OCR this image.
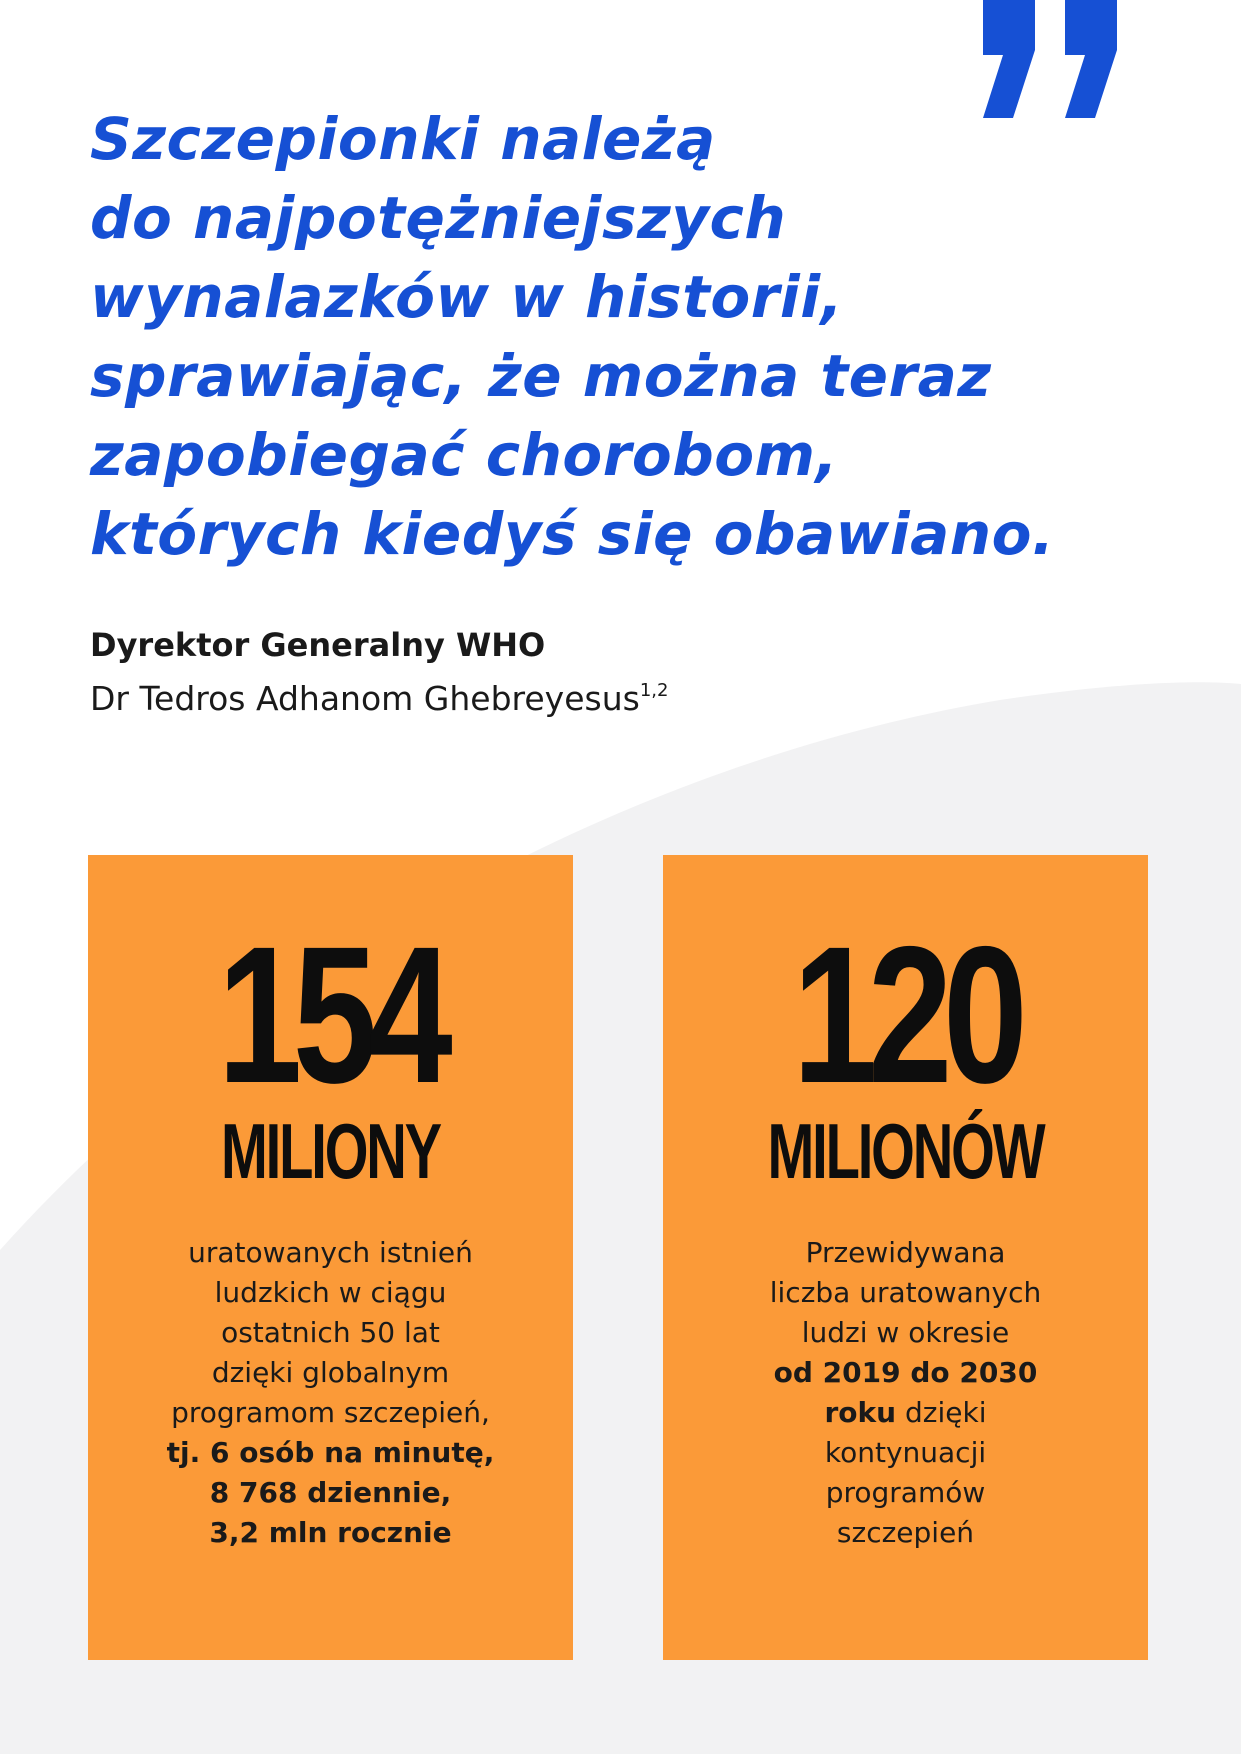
Szczepionki należą
do najpotężniejszych
wynalazków w historii,
sprawiając, że można teraz
zapobiegać chorobom,
których kiedyś się obawiano.
Dyrektor Generalny WHO
Dr Tedros Adhanom Ghebreyesus$^{1,2}$
154
MILIONY
uratowanych istnień
ludzkich w ciągu
ostatnich 50 lat
dzięki globalnym
programom szczepień,
tj. 6 osób na minutę,
8 768 dziennie,
3,2 mln rocznie
120
MILIONÓW
Przewidywana
liczba uratowanych
ludzi w okresie
od 2019 do 2030
roku dzięki
kontynuacji
programów
szczepień
